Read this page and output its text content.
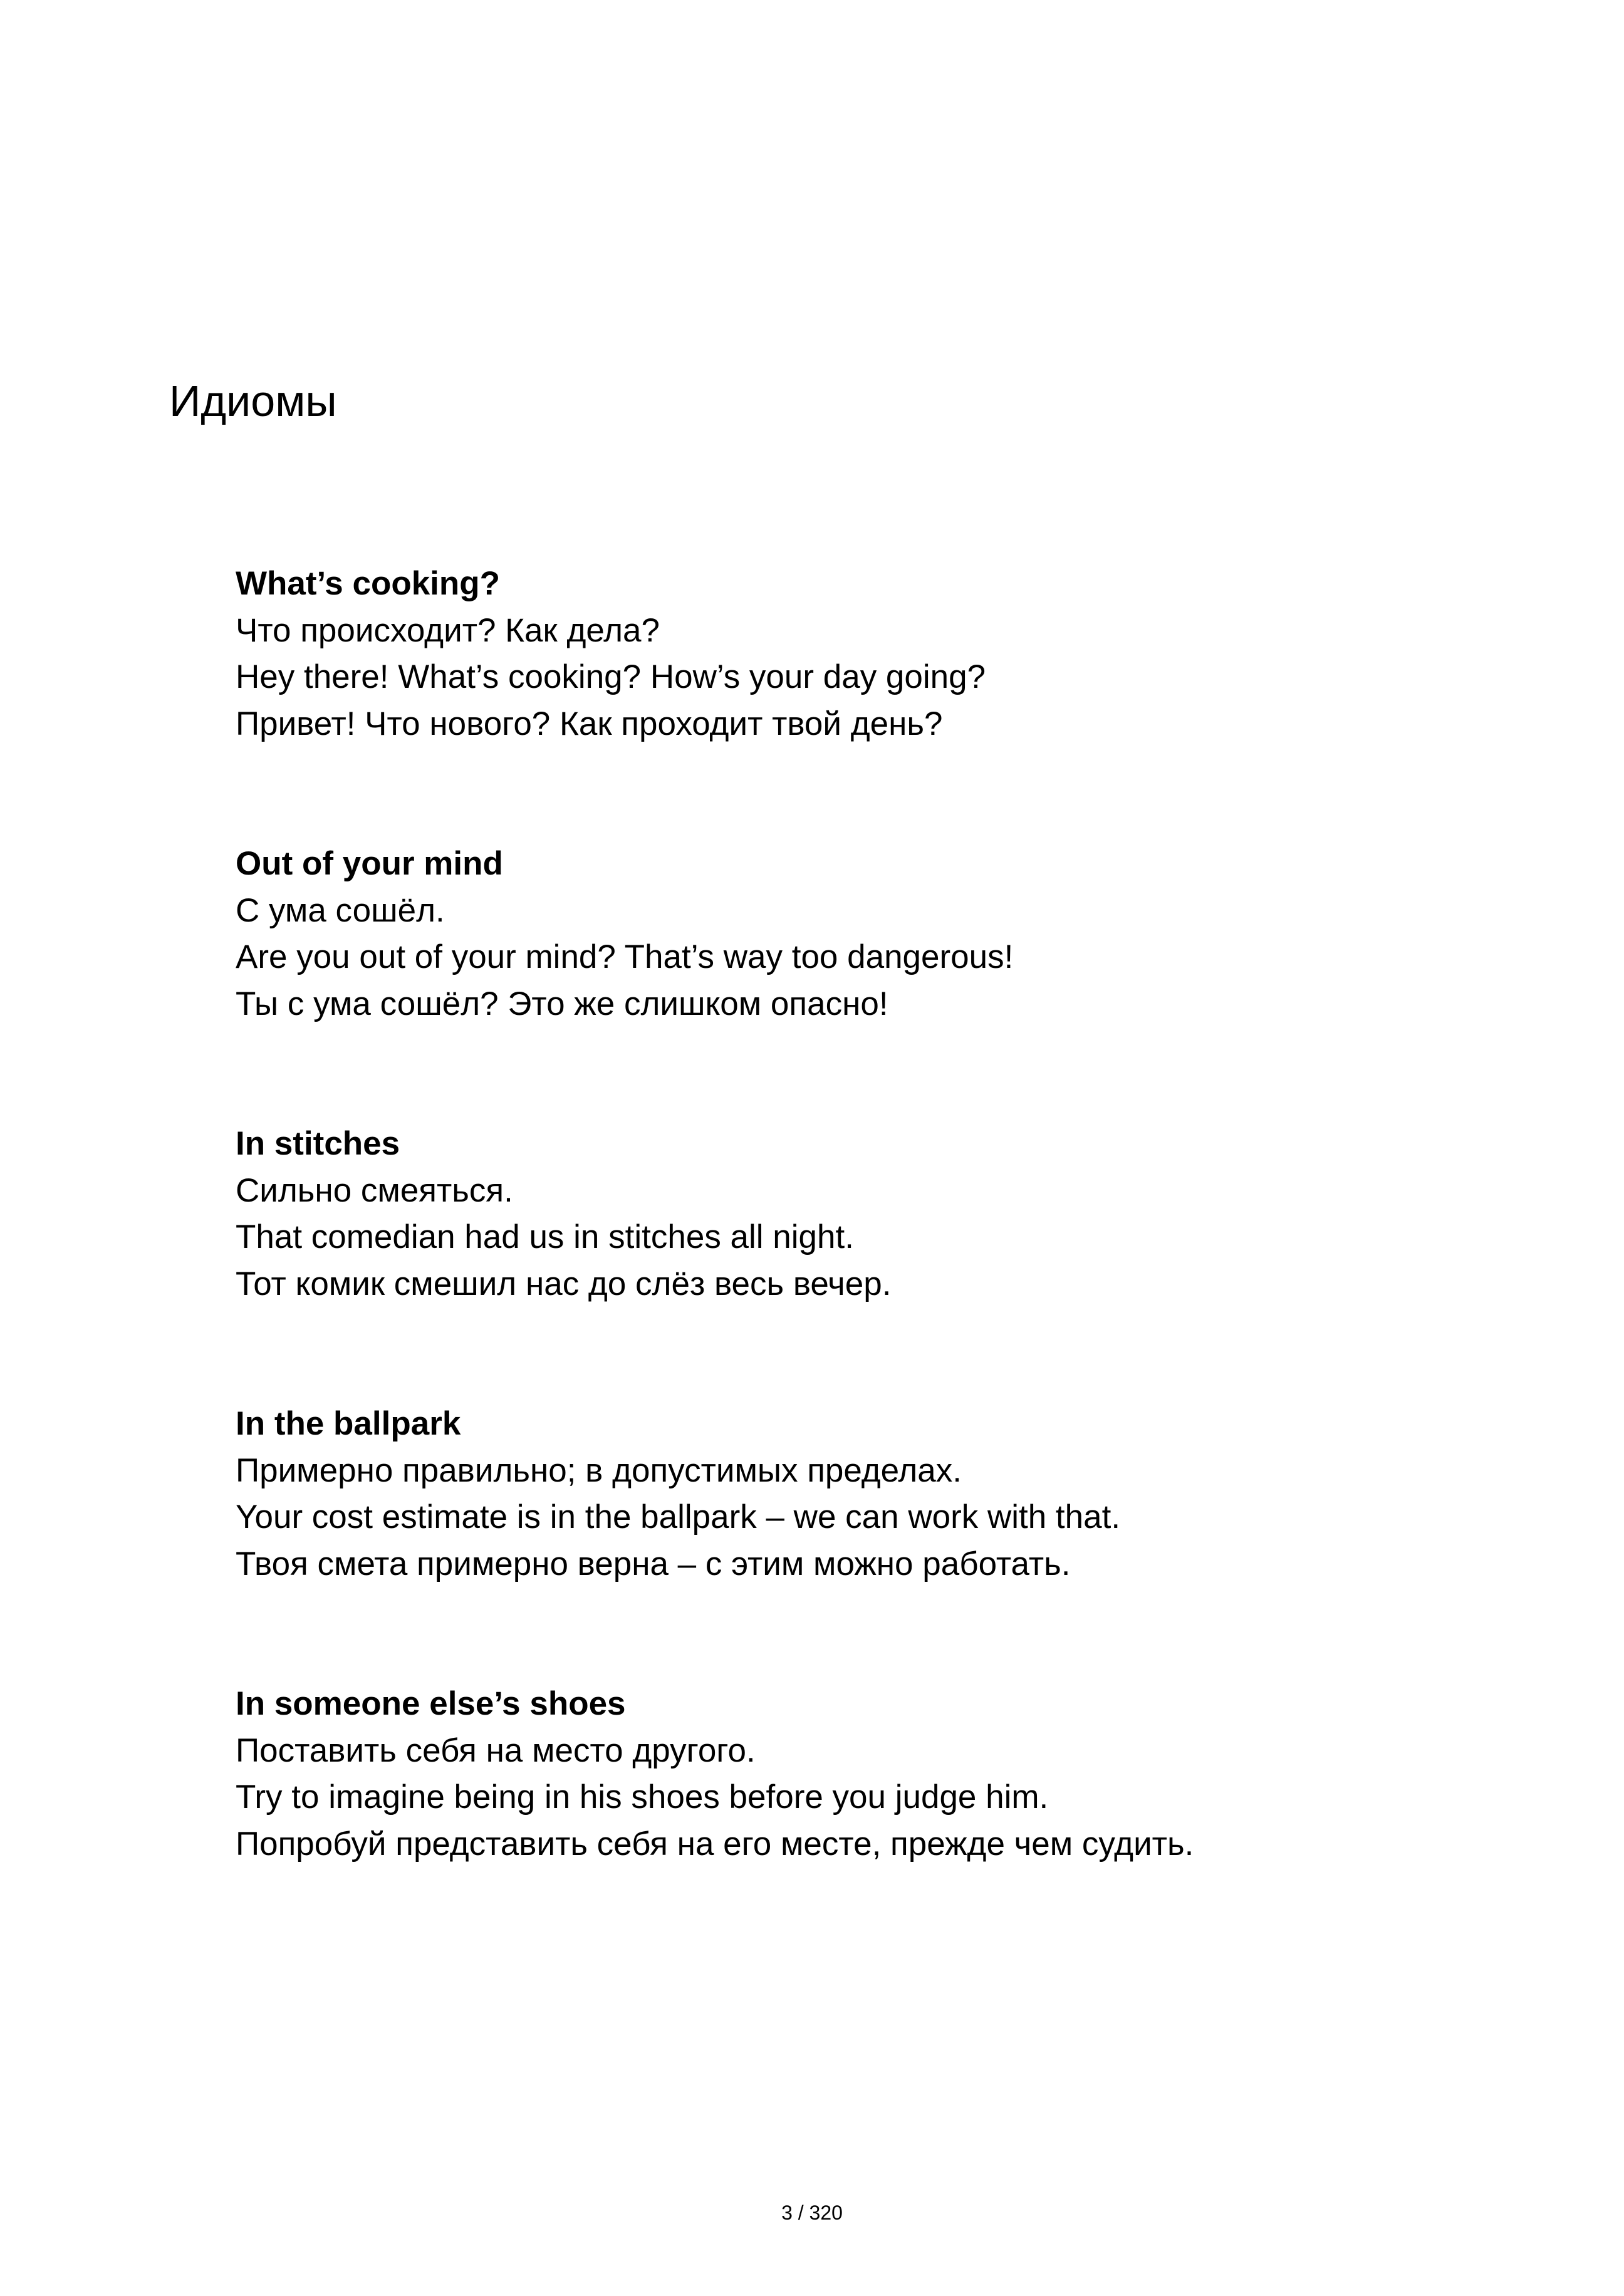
Идиомы

What’s cooking?

Что происходит? Как дела?

Hey there! What’s cooking? How’s your day going?

Привет! Что нового? Как проходит твой день?

Out of your mind

С ума сошёл.

Are you out of your mind? That’s way too dangerous!

Ты с ума сошёл? Это же слишком опасно!

In stitches

Сильно смеяться.

That comedian had us in stitches all night.

Тот комик смешил нас до слёз весь вечер.

In the ballpark

Примерно правильно; в допустимых пределах.

Your cost estimate is in the ballpark – we can work with that.

Твоя смета примерно верна – с этим можно работать.

In someone else’s shoes

Поставить себя на место другого.

Try to imagine being in his shoes before you judge him.

Попробуй представить себя на его месте, прежде чем судить.

3 / 320
